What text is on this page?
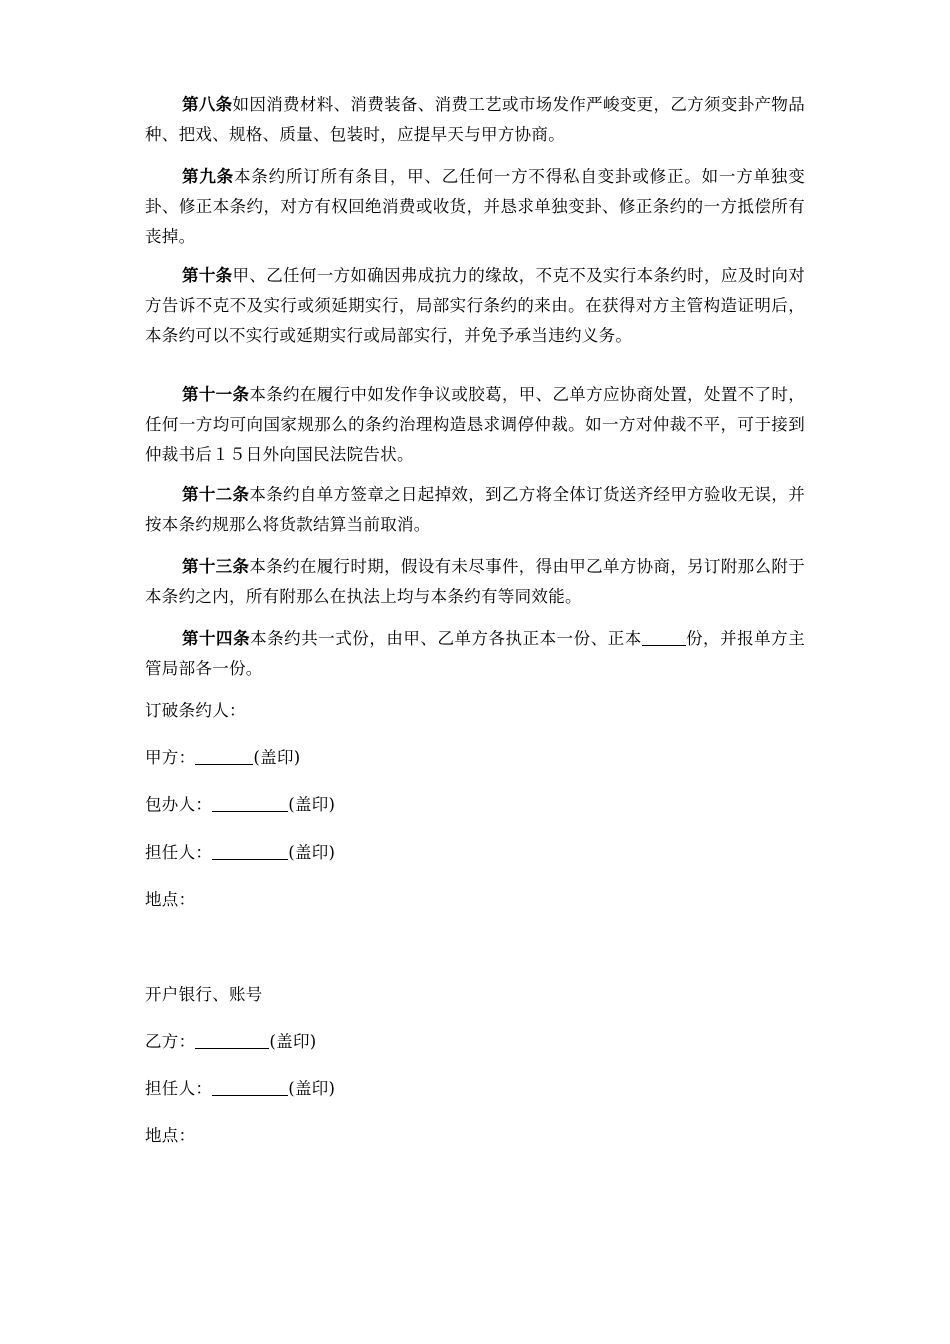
第八条如因消费材料、消费装备、消费工艺或市场发作严峻变更，乙方须变卦产物品种、把戏、规格、质量、包装时，应提早天与甲方协商。

第九条本条约所订所有条目，甲、乙任何一方不得私自变卦或修正。如一方单独变卦、修正本条约，对方有权回绝消费或收货，并恳求单独变卦、修正条约的一方抵偿所有丧掉。

第十条甲、乙任何一方如确因弗成抗力的缘故，不克不及实行本条约时，应及时向对方告诉不克不及实行或须延期实行，局部实行条约的来由。在获得对方主管构造证明后，本条约可以不实行或延期实行或局部实行，并免予承当违约义务。

第十一条本条约在履行中如发作争议或胶葛，甲、乙单方应协商处置，处置不了时，任何一方均可向国家规那么的条约治理构造恳求调停仲裁。如一方对仲裁不平，可于接到仲裁书后１５日外向国民法院告状。

第十二条本条约自单方签章之日起掉效，到乙方将全体订货送齐经甲方验收无误，并按本条约规那么将货款结算当前取消。

第十三条本条约在履行时期，假设有未尽事件，得由甲乙单方协商，另订附那么附于本条约之内，所有附那么在执法上均与本条约有等同效能。

第十四条本条约共一式份，由甲、乙单方各执正本一份、正本	份，并报单方主管局部各一份。

订破条约人：
甲方：	(盖印)
包办人：	(盖印)
担任人：	(盖印)
地点：
开户银行、账号
乙方：	(盖印)
担任人：	(盖印)
地点：
